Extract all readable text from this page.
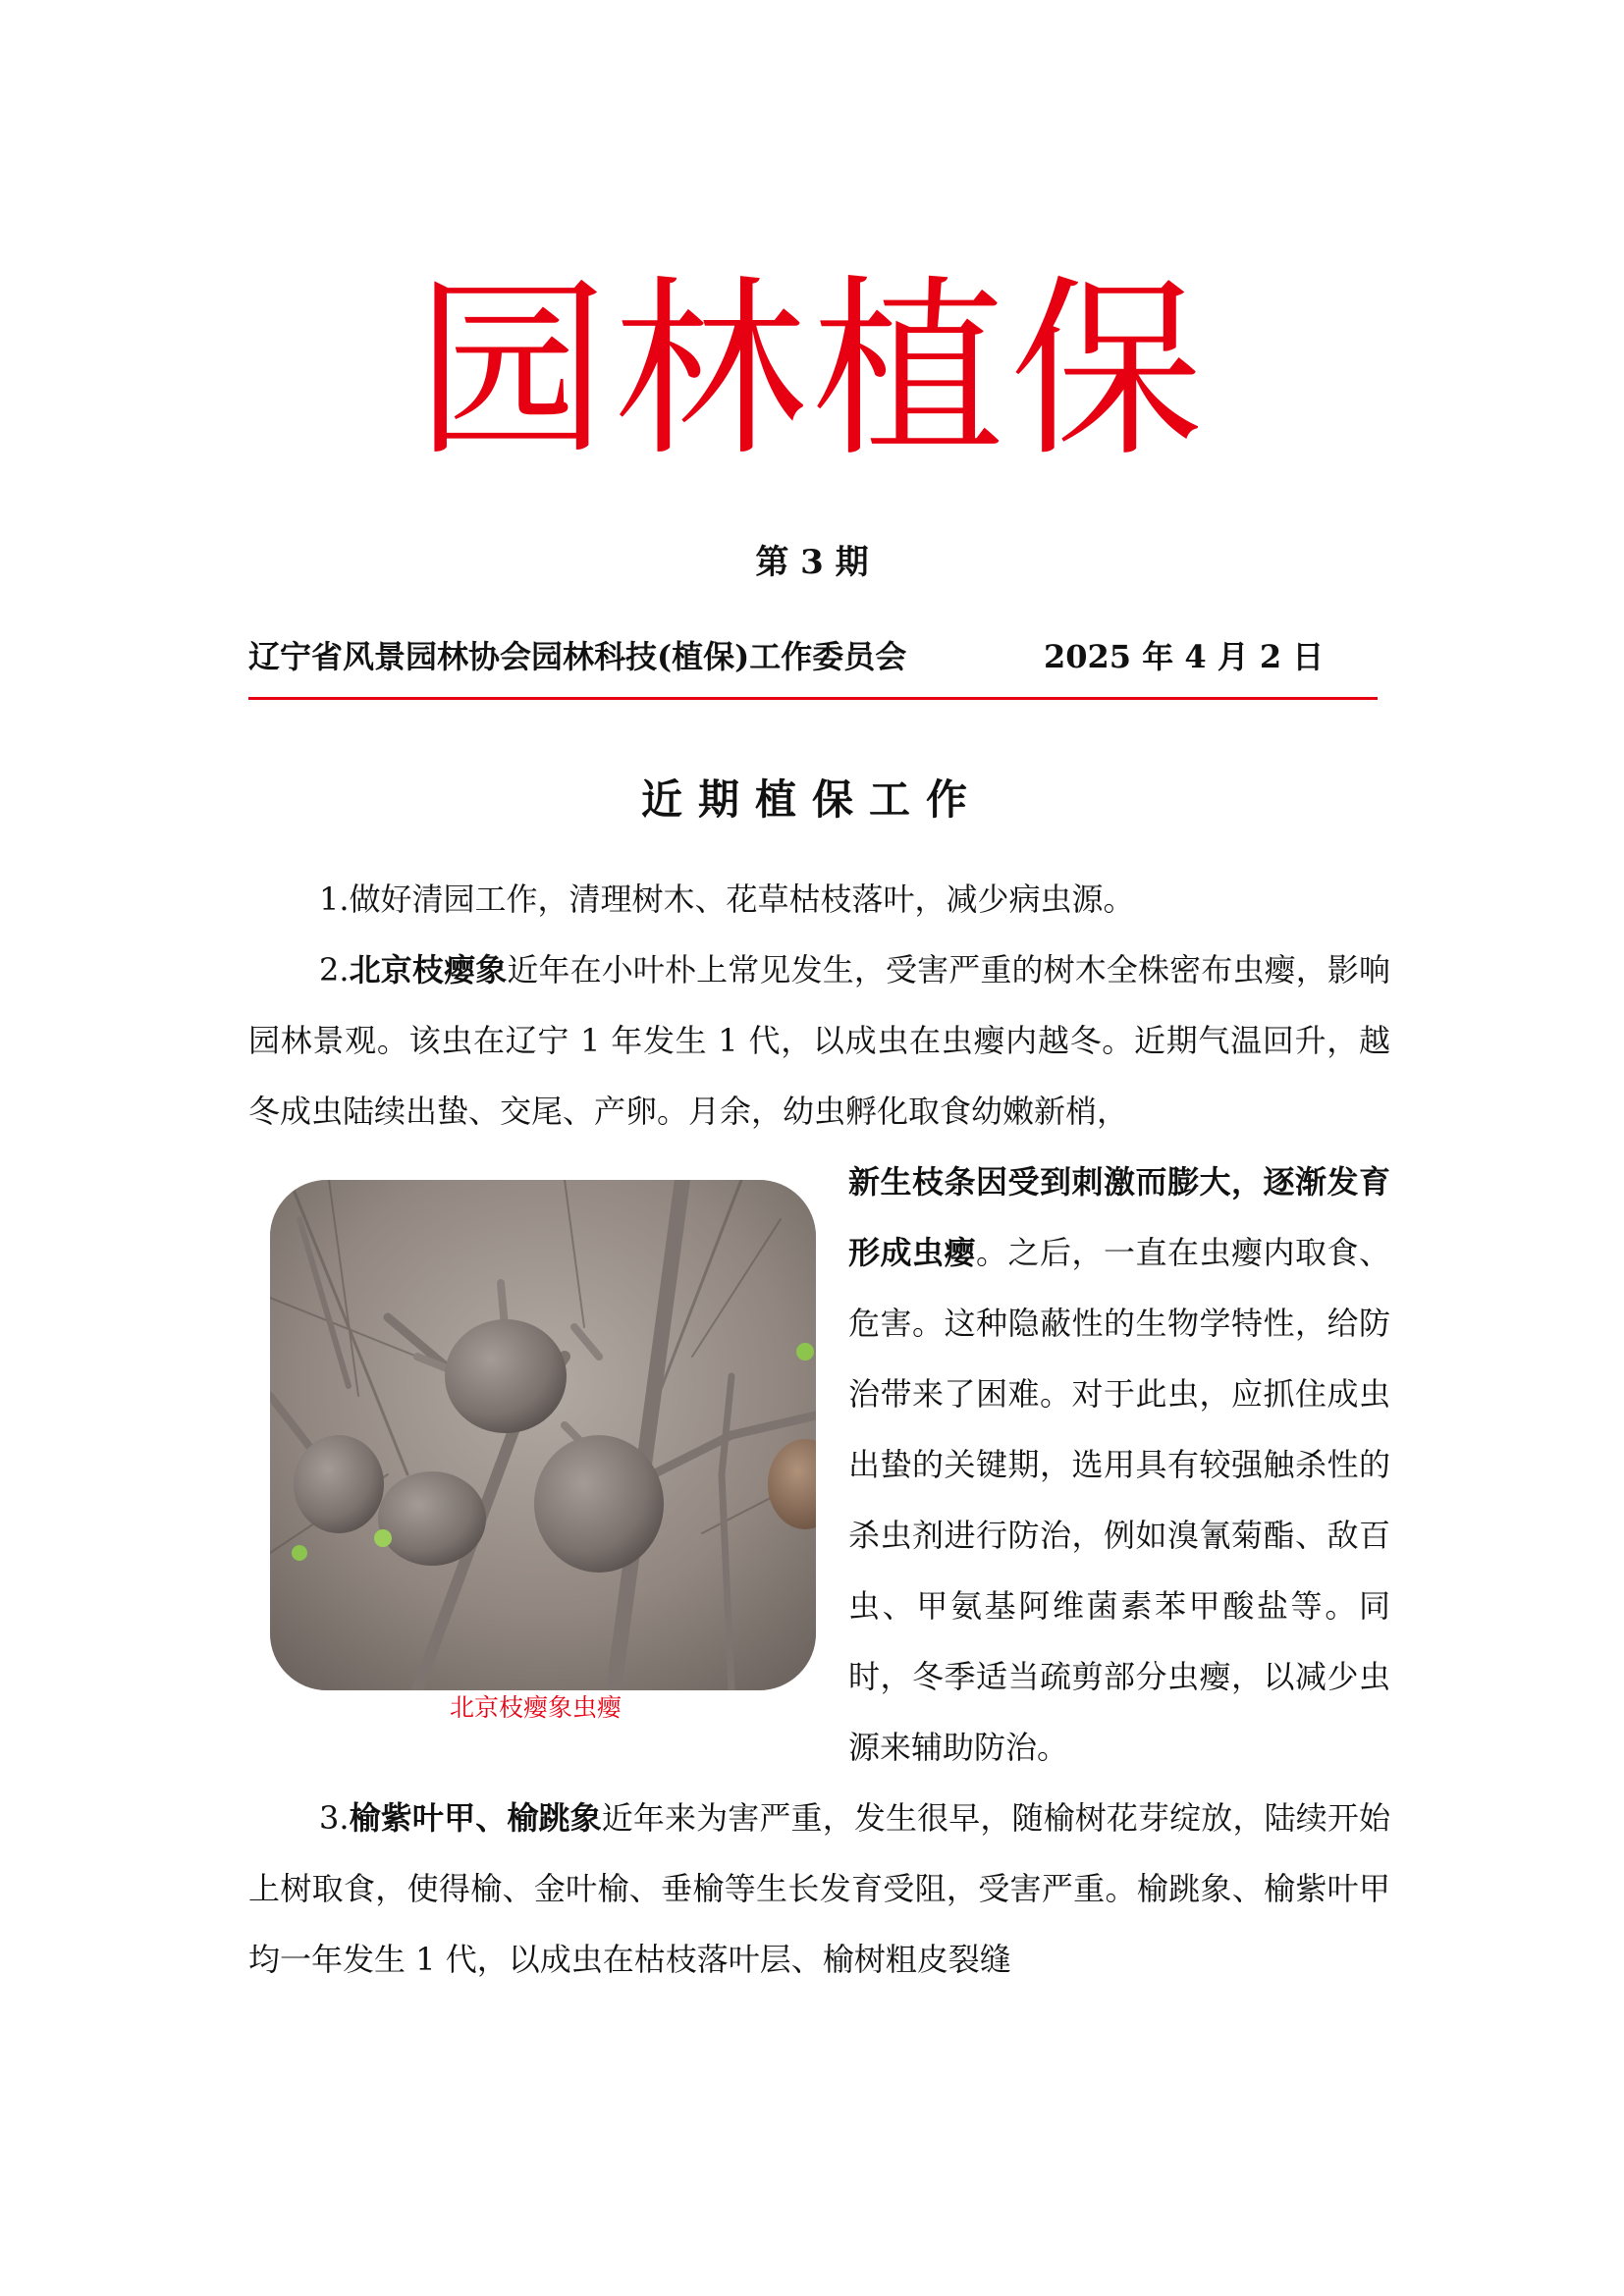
园林植保
第 3 期
辽宁省风景园林协会园林科技(植保)工作委员会	2025 年 4 月 2 日
近期植保工作

1.做好清园工作，清理树木、花草枯枝落叶，减少病虫源。

2.北京枝瘿象近年在小叶朴上常见发生，受害严重的树木全株密布虫瘿，影响园林景观。该虫在辽宁 1 年发生 1 代，以成虫在虫瘿内越冬。近期气温回升，越冬成虫陆续出蛰、交尾、产卵。月余，幼虫孵化取食幼嫩新梢，

北京枝瘿象虫瘿

新生枝条因受到刺激而膨大，逐渐发育形成虫瘿。之后，一直在虫瘿内取食、危害。这种隐蔽性的生物学特性，给防治带来了困难。对于此虫，应抓住成虫出蛰的关键期，选用具有较强触杀性的杀虫剂进行防治，例如溴氰菊酯、敌百虫、甲氨基阿维菌素苯甲酸盐等。同时，冬季适当疏剪部分虫瘿，以减少虫源来辅助防治。

3.榆紫叶甲、榆跳象近年来为害严重，发生很早，随榆树花芽绽放，陆续开始上树取食，使得榆、金叶榆、垂榆等生长发育受阻，受害严重。榆跳象、榆紫叶甲均一年发生 1 代，以成虫在枯枝落叶层、榆树粗皮裂缝
